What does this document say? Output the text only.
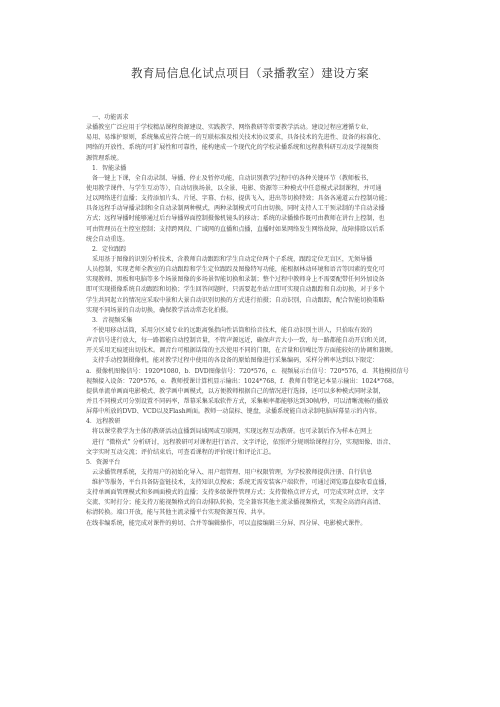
教育局信息化试点项目（录播教室）建设方案
一、功能需求
录播教室广泛应用于学校精品课程资源建设、实践教学、网络教研等常要教学活动。建设过程应遵循专业、
易用、易维护原则，系统集成应符合统一的互联标准及相关技术协议要求，具备技术的先进性、设备的标准化、
网络的开放性、系统的可扩展性和可靠性，能构建成一个现代化的学校录播系统和远程教科研互动及学视频资
源管理系统。
1．智能录播
备一键上下课，全自动录制、导播、停止及暂停功能，自动识别教学过程中的各种关键环节（教师板书、
使用教学课件、与学生互动等），自动切换场景，以全景、电影、资源等三种模式中任意模式录制课程，并可通
过以网络进行直播；支持添加片头、片尾、字幕、台标，提供飞入，进出等切换特效；具备各通道云台控制功能；
具备远程手动导播录制和全自动录制两种模式，两种录制模式可自由切换，同时支持人工干预录制的半自动录播
方式；远程导播时能够通过后台导播界面控制摄像机镜头的移动；系统的录播操作既可由教师在讲台上控制，也
可由管理员在主控室控制；支持跨网段、广域网的直播和点播，直播时如果网络发生网络故障，故障排除以后系
统会自动重连。
2．定位跟踪
采用基于图像的识别分析技术，含教师自动跟踪和学生自动定位两个子系统，跟踪定位无盲区，无须导播
人员控制，实现老师全教室的自动跟踪和学生定位跟踪及图像特写功能，能根据林动环境和语音等因素的变化可
实现教师、黑板和电脑等多个场景图像的多场景智能切换和录制；整个过程中教师身上不需要配带任何外加设备
即可实现摄像系统自动跟踪和切换；学生回答问题时，只需要起坐站立即可实现自动跟踪和自动切换，对于多个
学生共同起立的情况应采取中景和大景自动识别切换的方式进行拍摄；自动识别，自动跟踪，配合智能切换策略
实现不同场景的自动切换，确保教学活动常态化拍摄。
3．音视频采集
不使用移动话筒，采用分区域专业的远距离强指向性话筒和拾音技术，能自动识别主讲人，只拾取有效的
声音信号进行放大，每一路都能自动控制音量，不管声源远近，确保声音大小一致，每一路都能自动开启和关闭，
开关采用无痕迹出切技术。调音台可根据话筒的主次使用不同的门限，在音量和信噪比等方面能较好的协调和兼顾。
支持手动控制摄像机，能对教学过程中使用的各设备的原始图像进行采集编码，采样分辨率达到以下限定：
a．摄像机图像信号：1920*1080，b．DVD图像信号：720*576，c．视频展示台信号：720*576，d．其他模拟信号
视频接入设备：720*576，e．教师授课计算机显示输出：1024*768，f．教师自带笔记本显示输出：1024*768。
提供单流单画面电影模式、教学画中画模式，以方便教师根据自己的情况进行选择，还可以多种模式同时录制，
并且不同模式可分别设置不同码率，帮幕采集采取软件方式，采集帧率都能够达到30帧/秒，可以清晰流畅的播放
屏幕中所放的DVD、VCD以及Flash画面。教师一动鼠标、键盘，录播系统能自动录制电脑屏幕显示的内容。
4．远程教研
将以课堂教学为主体的教研活动直播到局域网或互联网，实现远程互动教研。也可录制后作为样本在网上
进行 “微格式” 分析研讨，远程教研可对课程进行语音、文字评论，依照评分规则给课程打分，实现图像、语音、
文字实时互动交流；评价结束后，可查看课程的评价统计和评论汇总。
5．资源平台
云录播管理系统，支持用户的初始化导入、用户组管理、用户权限管理，为学校教师提供注册、自行信息
维护等服务，平台具备防盗链技术，支持知识点搜索；系统无需安装客户端软件，可通过浏览器直接收看直播，
支持单画面管理模式和多画面模式的直播；支持多级课件管理方式；支持微格点评方式，可完成实时点评、文字
交流、实时打分；能支持万能视频格式的自动排队转换，完全兼容其他主流录播视频格式，实现全高清向高清、
标清转换。端口开放，能与其他主流录播平台实现资源互传、共享。
在线非编系统，能完成对课件的剪切、合并等编辑操作，可以直接编辑三分屏、四分屏、电影模式课件。
